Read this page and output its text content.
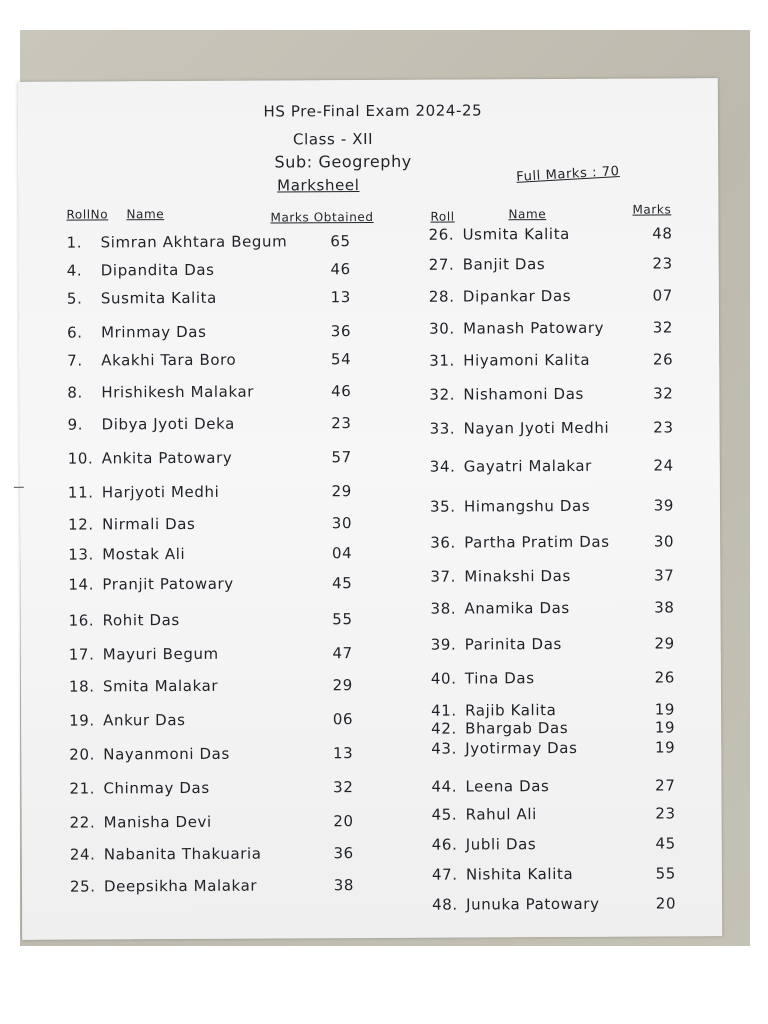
HS Pre-Final Exam 2024-25
Class - XII
Sub: Geogrephy
Marksheel
Full Marks : 70
RollNo Name	Marks Obtained	Roll	Name	Marks
1. Simran Akhtara Begum	65
4. Dipandita Das	46
5. Susmita Kalita	13
6. Mrinmay Das	36
7. Akakhi Tara Boro	54
8. Hrishikesh Malakar	46
9. Dibya Jyoti Deka	23
10. Ankita Patowary	57
11. Harjyoti Medhi	29
12. Nirmali Das	30
13. Mostak Ali	04
14. Pranjit Patowary	45
16. Rohit Das	55
17. Mayuri Begum	47
18. Smita Malakar	29
19. Ankur Das	06
20. Nayanmoni Das	13
21. Chinmay Das	32
22. Manisha Devi	20
24. Nabanita Thakuaria	36
25. Deepsikha Malakar	38
26. Usmita Kalita	48
27. Banjit Das	23
28. Dipankar Das	07
30. Manash Patowary	32
31. Hiyamoni Kalita	26
32. Nishamoni Das	32
33. Nayan Jyoti Medhi	23
34. Gayatri Malakar	24
35. Himangshu Das	39
36. Partha Pratim Das	30
37. Minakshi Das	37
38. Anamika Das	38
39. Parinita Das	29
40. Tina Das	26
41. Rajib Kalita	19
42. Bhargab Das	19
43. Jyotirmay Das	19
44. Leena Das	27
45. Rahul Ali	23
46. Jubli Das	45
47. Nishita Kalita	55
48. Junuka Patowary	20
